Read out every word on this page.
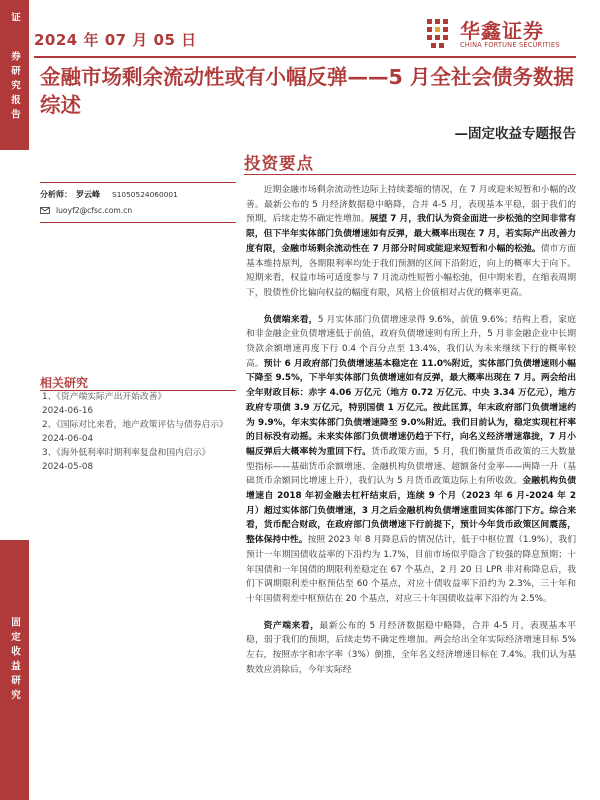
证
券研究报告
固定收益研究
2024 年 07 月 05 日	华鑫证券
CHINA FORTUNE SECURITIES
金融市场剩余流动性或有小幅反弹——5 月全社会债务数据综述
—固定收益专题报告
投资要点
分析师： 罗云峰 S1050524060001
luoyf2@cfsc.com.cn
相关研究
1、《资产端实际产出开始改善》
2024-06-16
2、《国际对比来看，地产政策评估与债券启示》 2024-06-04
3、《海外低利率时期利率复盘和国内启示》 2024-05-08

近期金融市场剩余流动性边际上持续萎缩的情况，在 7 月或迎来短暂和小幅的改善。最新公布的 5 月经济数据稳中略降，合并 4-5 月，表现基本平稳，弱于我们的预期，后续走势不确定性增加。展望 7 月，我们认为资金面进一步松弛的空间非常有限，但下半年实体部门负债增速如有反弹，最大概率出现在 7 月，若实际产出改善力度有限，金融市场剩余流动性在 7 月部分时间或能迎来短暂和小幅的松弛。债市方面基本维持原判，各期限利率均处于我们预测的区间下沿附近，向上的概率大于向下。短期来看，权益市场可适度参与 7 月流动性短暂小幅松弛，但中期来看，在缩表周期下，股债性价比偏向权益的幅度有限，风格上价值相对占优的概率更高。

负债端来看，5 月实体部门负债增速录得 9.6%，前值 9.6%；结构上看，家庭和非金融企业负债增速低于前值，政府负债增速则有所上升，5 月非金融企业中长期贷款余额增速再度下行 0.4 个百分点至 13.4%，我们认为未来继续下行的概率较高。预计 6 月政府部门负债增速基本稳定在 11.0%附近，实体部门负债增速则小幅下降至 9.5%，下半年实体部门负债增速如有反弹，最大概率出现在 7 月。两会给出全年财政目标：赤字 4.06 万亿元（地方 0.72 万亿元、中央 3.34 万亿元），地方政府专项债 3.9 万亿元，特别国债 1 万亿元。按此匡算，年末政府部门负债增速约为 9.9%，年末实体部门负债增速降至 9.0%附近。我们目前认为，稳定实现杠杆率的目标没有动摇。未来实体部门负债增速仍趋于下行，向名义经济增速靠拢，7 月小幅反弹后大概率转为重回下行。货币政策方面，5 月，我们衡量货币政策的三大数量型指标——基础货币余额增速、金融机构负债增速、超额备付金率——两降一升（基础货币余额同比增速上升），我们认为 5 月货币政策边际上有所收敛。金融机构负债增速自 2018 年初金融去杠杆结束后，连续 9 个月（2023 年 6 月-2024 年 2 月）超过实体部门负债增速，3 月之后金融机构负债增速重回实体部门下方。综合来看，货币配合财政，在政府部门负债增速下行前提下，预计今年货币政策区间震荡，整体保持中性。按照 2023 年 8 月降息后的情况估计，低于中枢位置（1.9%），我们预计一年期国债收益率的下沿约为 1.7%，目前市场似乎隐含了较强的降息预期；十年国债和一年国债的期限利差稳定在 67 个基点，2 月 20 日 LPR 非对称降息后，我们下调期限利差中枢预估至 60 个基点，对应十债收益率下沿约为 2.3%，三十年和十年国债利差中枢预估在 20 个基点，对应三十年国债收益率下沿约为 2.5%。

资产端来看，最新公布的 5 月经济数据稳中略降，合并 4-5 月，表现基本平稳，弱于我们的预期，后续走势不确定性增加。两会给出全年实际经济增速目标 5%左右，按照赤字和赤字率（3%）倒推，全年名义经济增速目标在 7.4%。我们认为基数效应消除后，今年实际经
